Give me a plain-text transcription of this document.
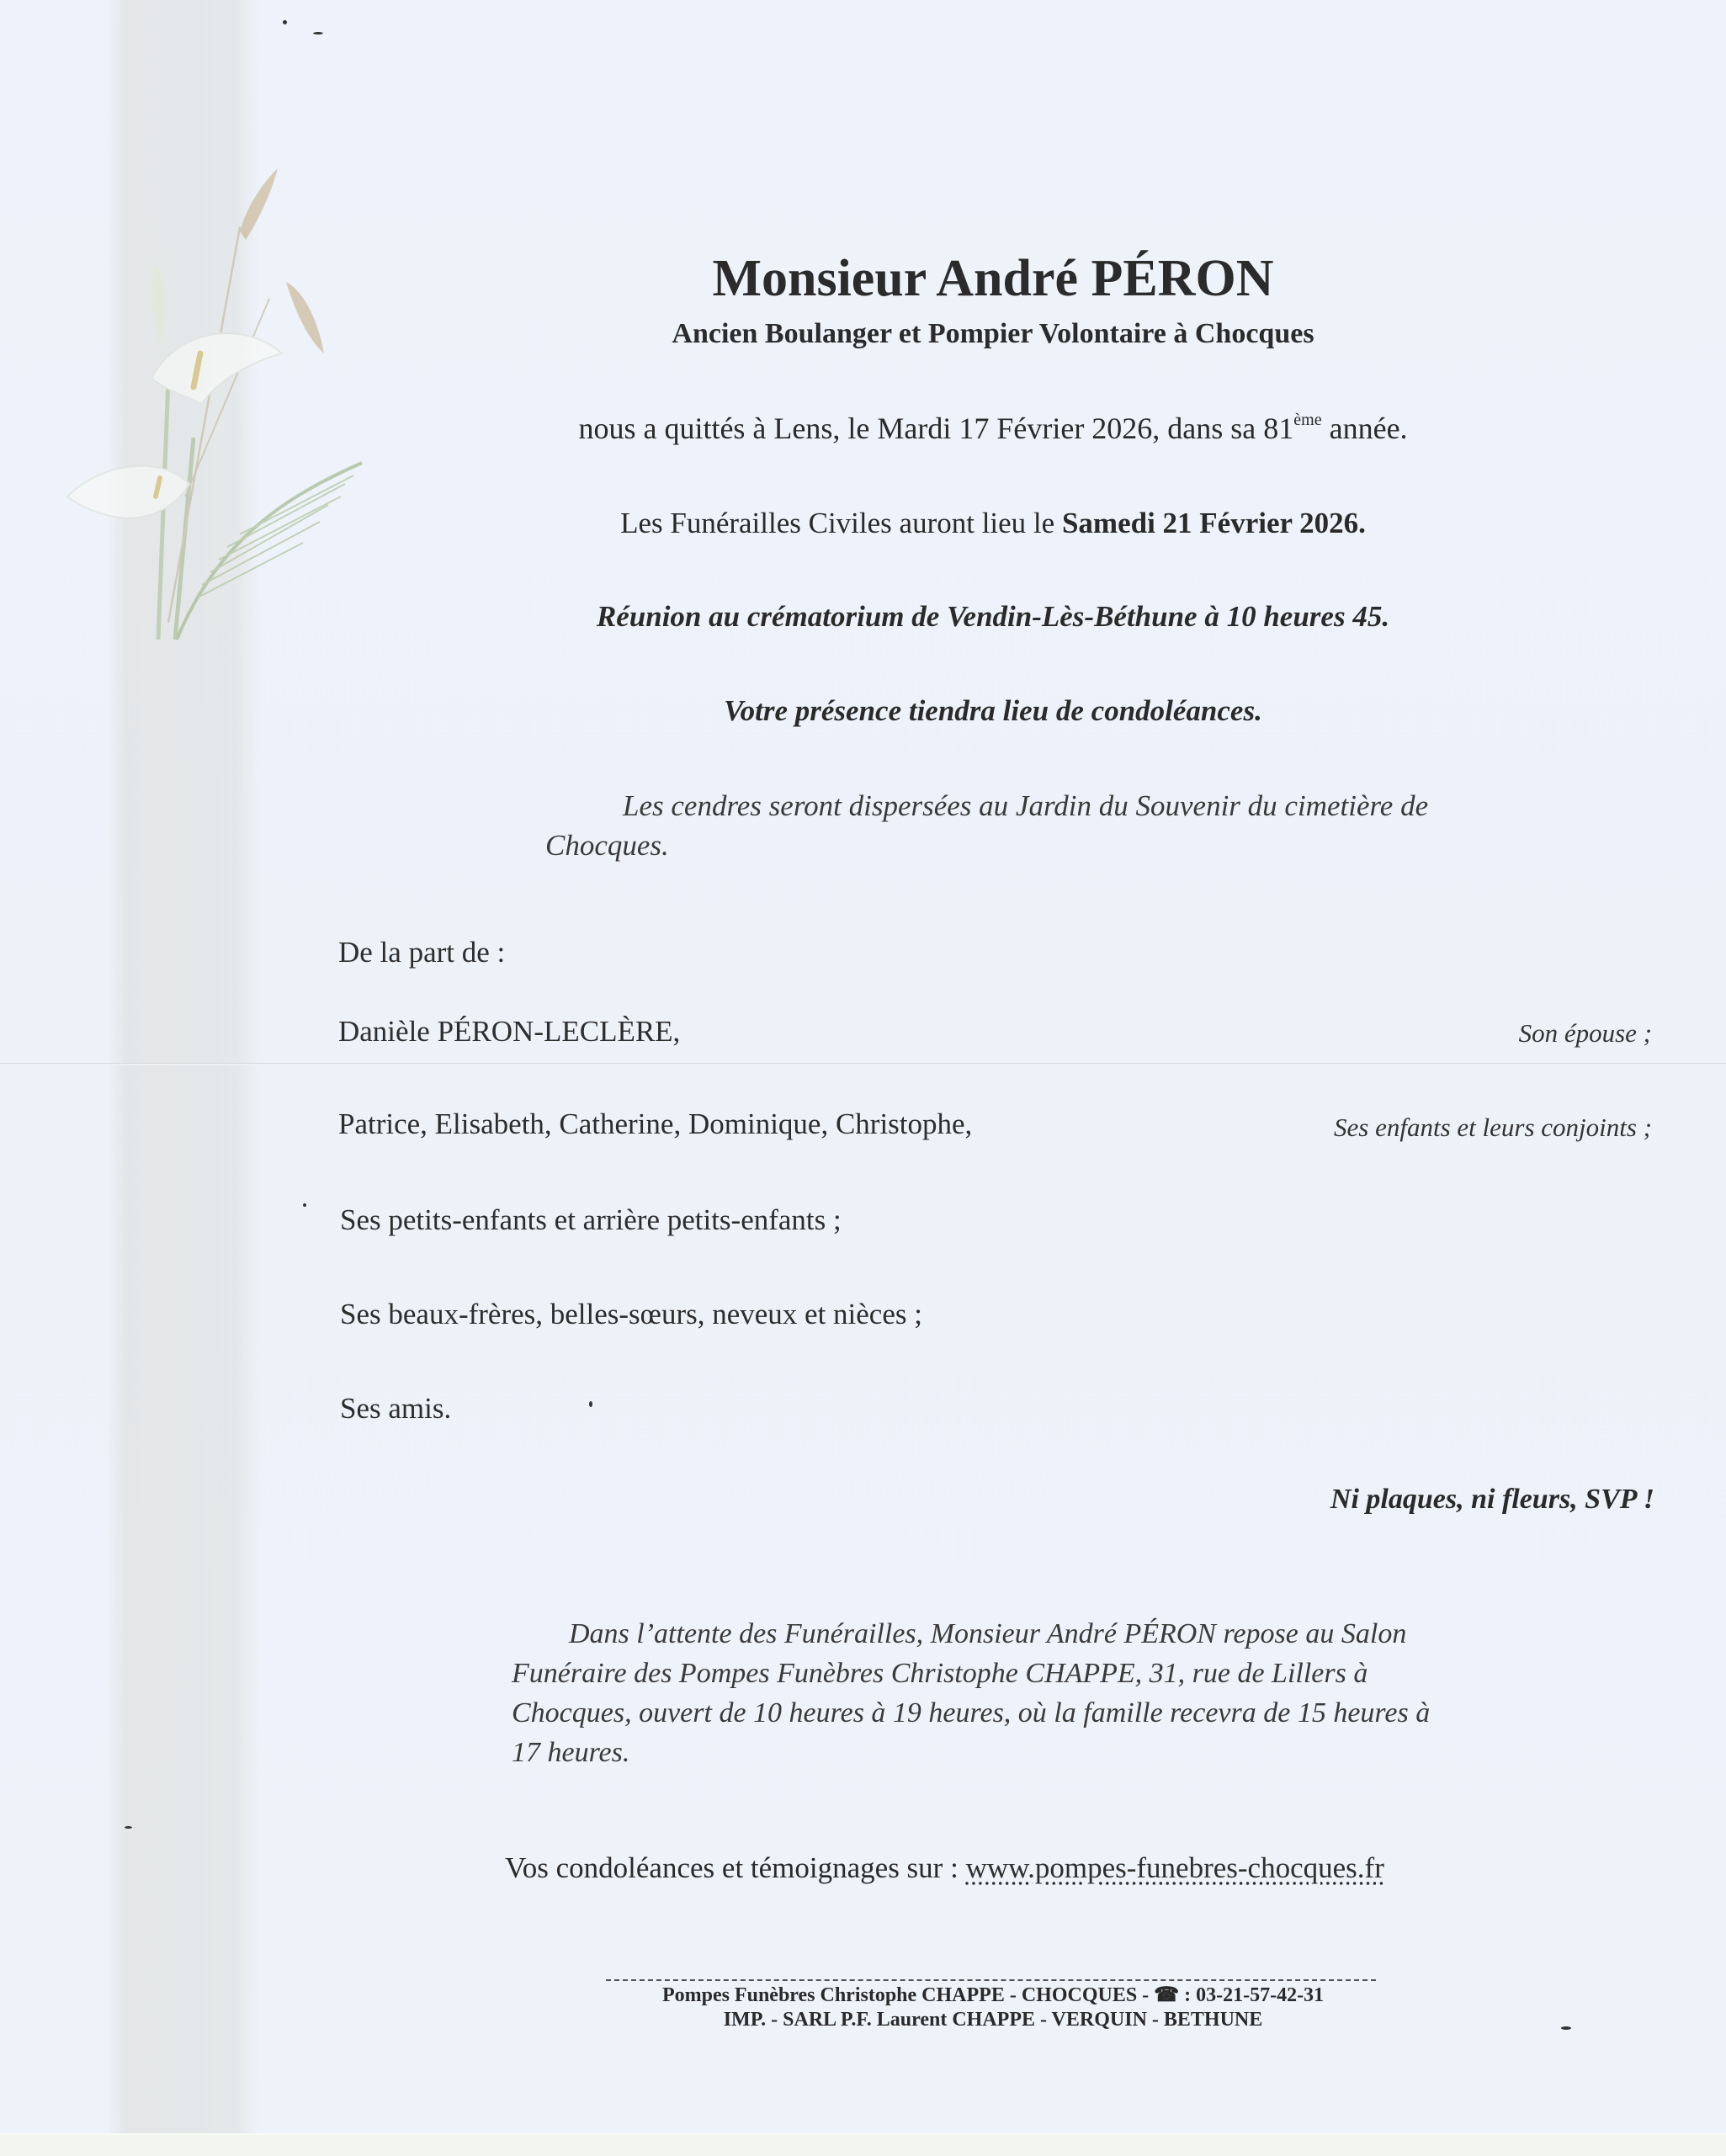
Monsieur André PÉRON

Ancien Boulanger et Pompier Volontaire à Chocques

nous a quittés à Lens, le Mardi 17 Février 2026, dans sa 81ème année.

Les Funérailles Civiles auront lieu le Samedi 21 Février 2026.

Réunion au crématorium de Vendin-Lès-Béthune à 10 heures 45.

Votre présence tiendra lieu de condoléances.

Les cendres seront dispersées au Jardin du Souvenir du cimetière de Chocques.

De la part de :

Danièle PÉRON-LECLÈRE,	Son épouse ;

Patrice, Elisabeth, Catherine, Dominique, Christophe,	Ses enfants et leurs conjoints ;

Ses petits-enfants et arrière petits-enfants ;

Ses beaux-frères, belles-sœurs, neveux et nièces ;

Ses amis.

Ni plaques, ni fleurs, SVP !

Dans l’attente des Funérailles, Monsieur André PÉRON repose au Salon Funéraire des Pompes Funèbres Christophe CHAPPE, 31, rue de Lillers à Chocques, ouvert de 10 heures à 19 heures, où la famille recevra de 15 heures à 17 heures.

Vos condoléances et témoignages sur : www.pompes-funebres-chocques.fr

Pompes Funèbres Christophe CHAPPE - CHOCQUES - ☎ : 03-21-57-42-31

IMP. - SARL P.F. Laurent CHAPPE - VERQUIN - BETHUNE
